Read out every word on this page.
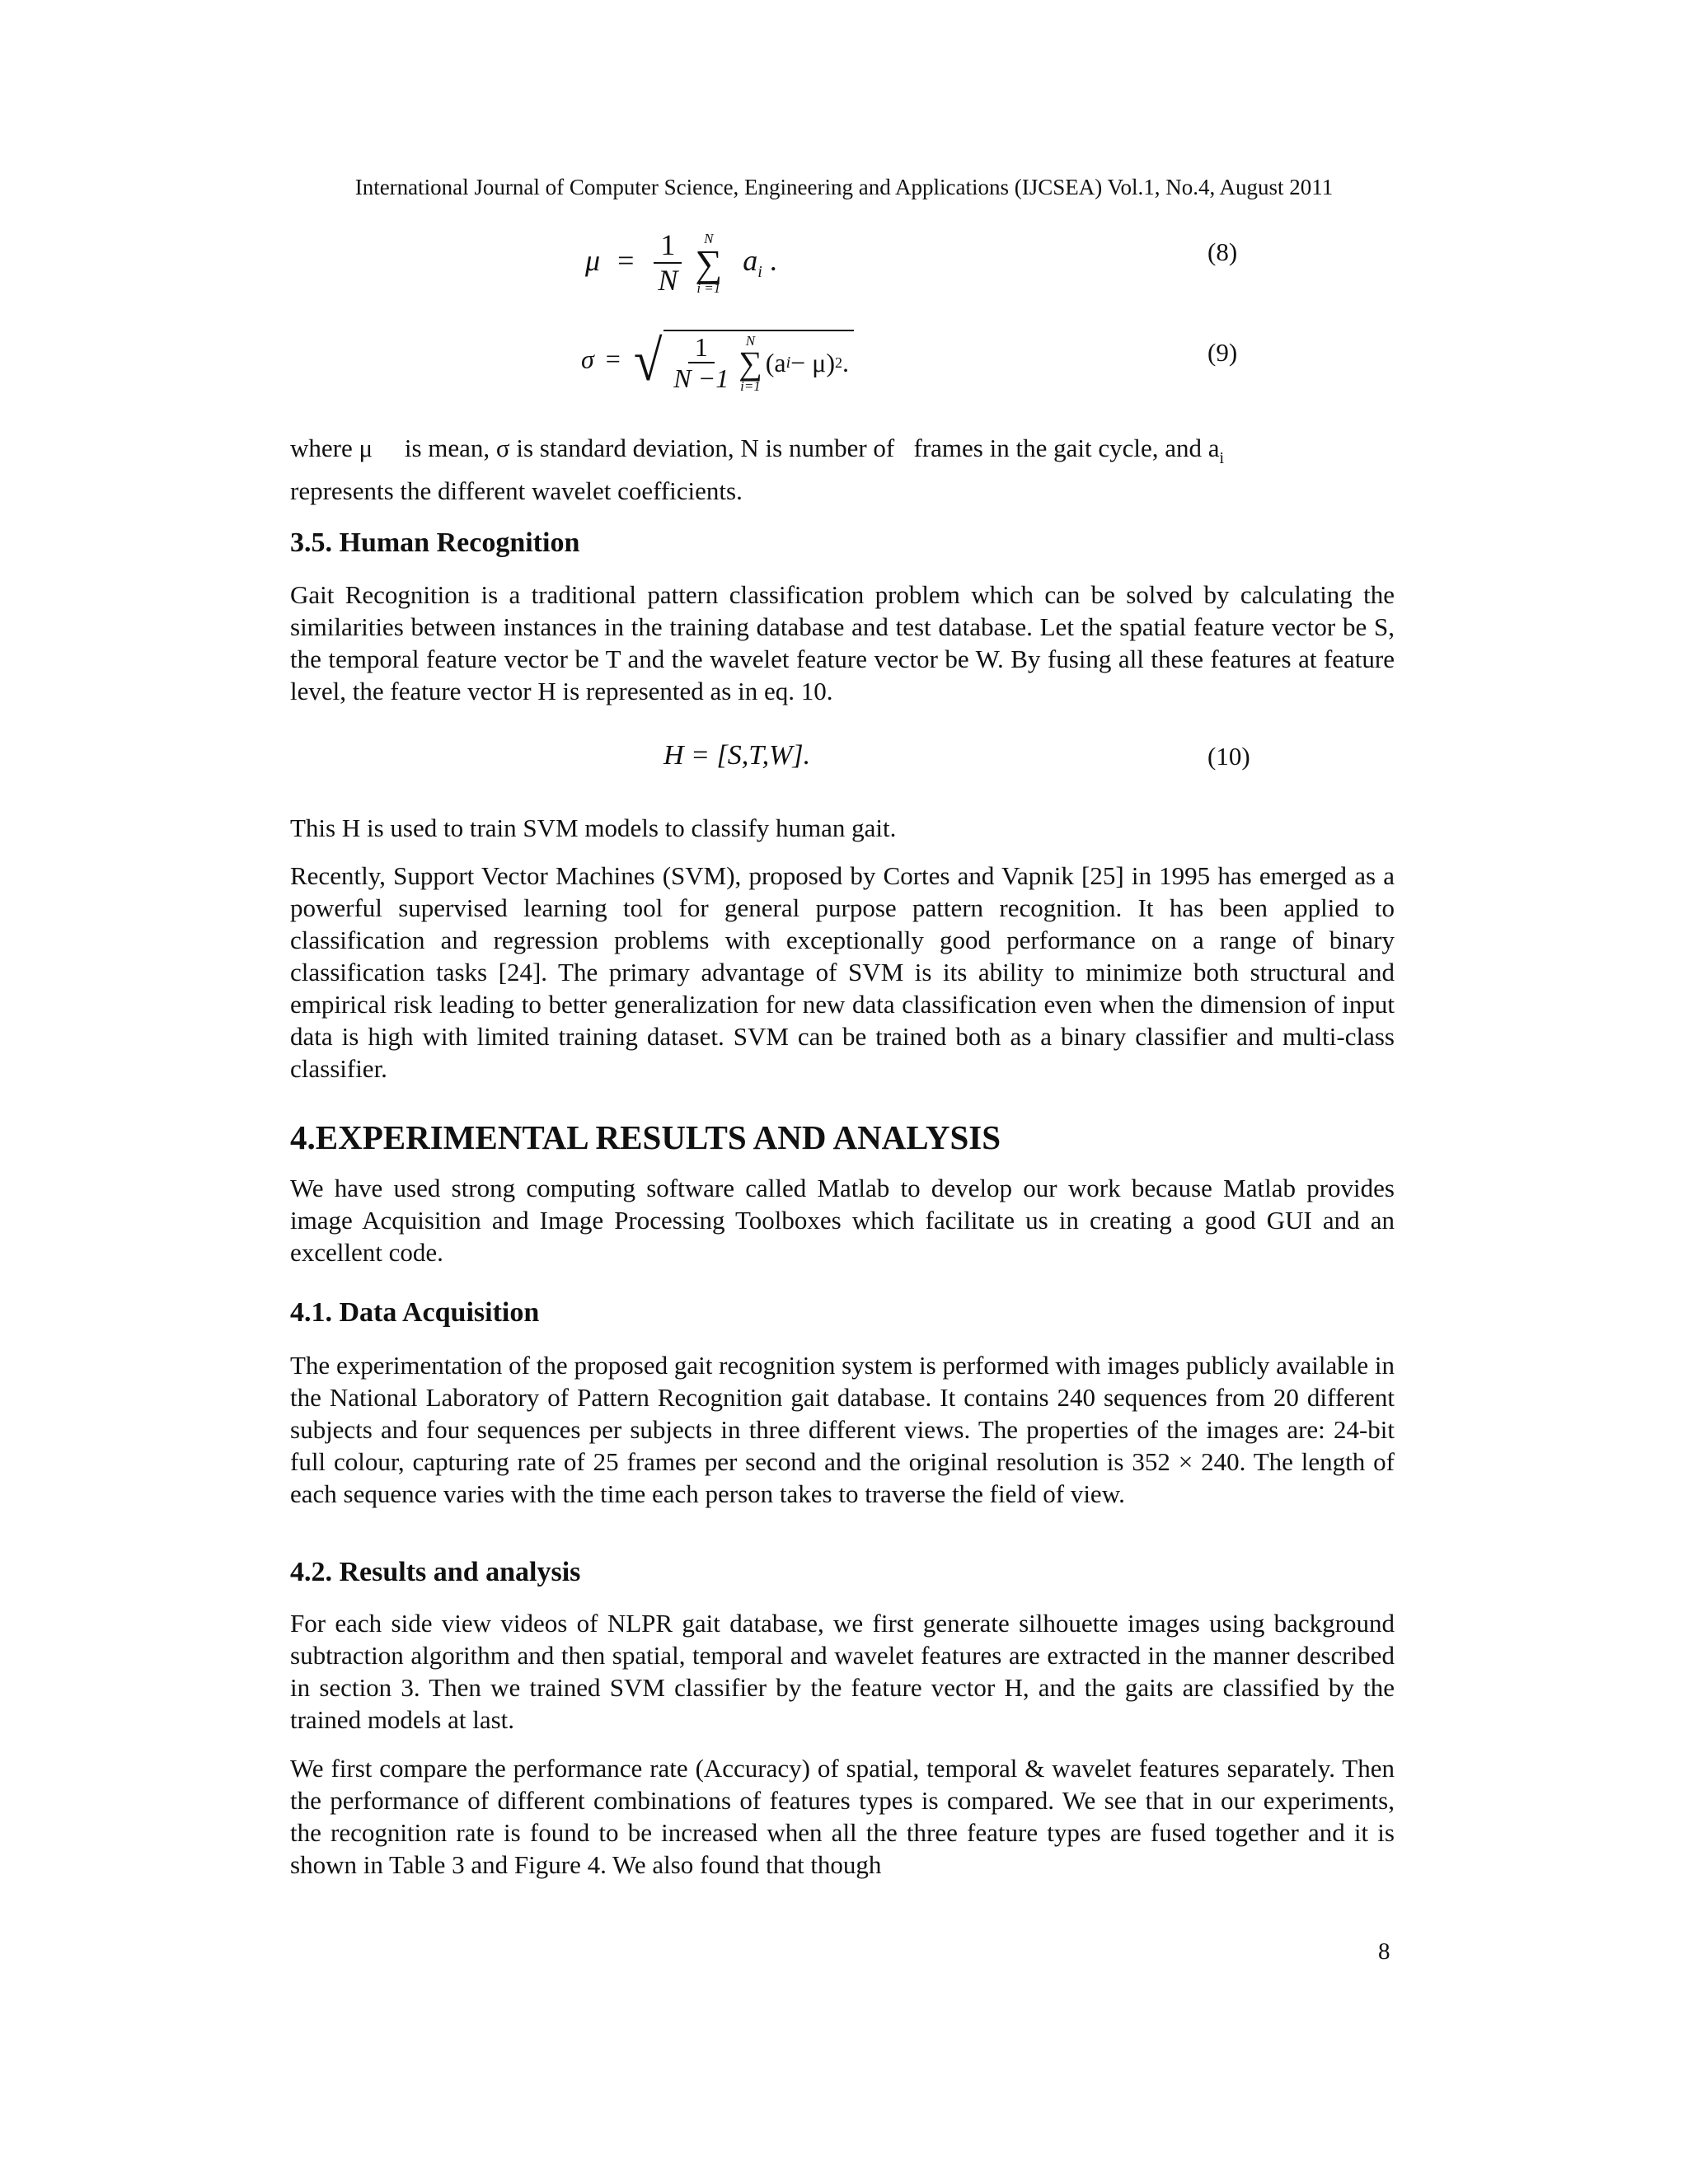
International Journal of Computer Science, Engineering and Applications (IJCSEA) Vol.1, No.4, August 2011
$\mu = \frac{1}{N}$
N
∑
i =1
$a_i$ .	(8)
σ = √ $\frac{1}{N -1}$ N
∑
i=1
(a i − μ) 2 .	(9)
where μ     is mean, σ is standard deviation, N is number of   frames in the gait cycle, and $a_i$
represents the different wavelet coefficients.
3.5. Human Recognition
Gait Recognition is a traditional pattern classification problem which can be solved by calculating the similarities between instances in the training database and test database. Let the spatial feature vector be S, the temporal feature vector be T and the wavelet feature vector be W. By fusing all these features at feature level, the feature vector H is represented as in eq. 10.
H = [S,T,W].	(10)
This H is used to train SVM models to classify human gait.
Recently, Support Vector Machines (SVM), proposed by Cortes and Vapnik [25] in 1995 has emerged as a powerful supervised learning tool for general purpose pattern recognition. It has been applied to classification and regression problems with exceptionally good performance on a range of binary classification tasks [24]. The primary advantage of SVM is its ability to minimize both structural and empirical risk leading to better generalization for new data classification even when the dimension of input data is high with limited training dataset. SVM can be trained both as a binary classifier and multi-class classifier.
4.EXPERIMENTAL RESULTS AND ANALYSIS
We have used strong computing software called Matlab to develop our work because Matlab provides image Acquisition and Image Processing Toolboxes which facilitate us in creating a good GUI and an excellent code.
4.1. Data Acquisition
The experimentation of the proposed gait recognition system is performed with images publicly available in the National Laboratory of Pattern Recognition gait database. It contains 240 sequences from 20 different subjects and four sequences per subjects in three different views. The properties of the images are: 24-bit full colour, capturing rate of 25 frames per second and the original resolution is 352 × 240. The length of each sequence varies with the time each person takes to traverse the field of view.
4.2. Results and analysis
For each side view videos of NLPR gait database, we first generate silhouette images using background subtraction algorithm and then spatial, temporal and wavelet features are extracted in the manner described in section 3. Then we trained SVM classifier by the feature vector H, and the gaits are classified by the trained models at last.
We first compare the performance rate (Accuracy) of spatial, temporal & wavelet features separately. Then the performance of different combinations of features types is compared. We see that in our experiments, the recognition rate is found to be increased when all the three feature types are fused together and it is shown in Table 3 and Figure 4. We also found that though
8
